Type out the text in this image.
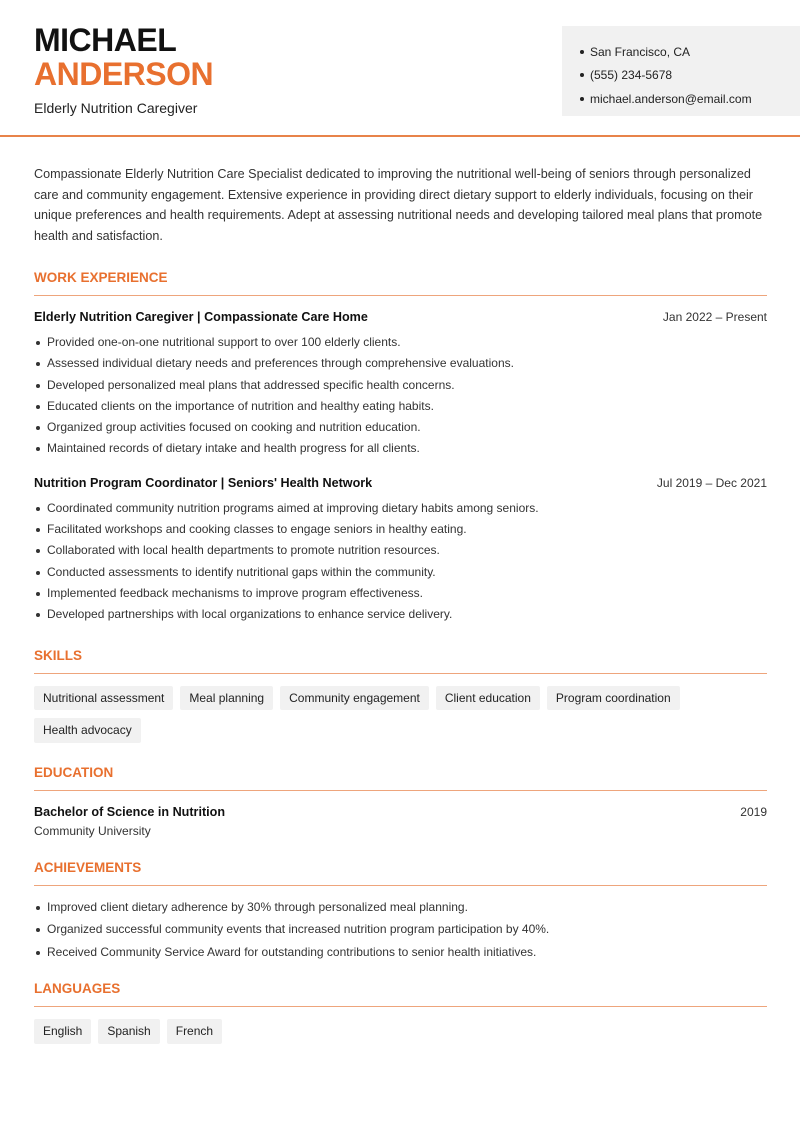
MICHAEL
ANDERSON
Elderly Nutrition Caregiver
San Francisco, CA
(555) 234-5678
michael.anderson@email.com

Compassionate Elderly Nutrition Care Specialist dedicated to improving the nutritional well-being of seniors through personalized care and community engagement. Extensive experience in providing direct dietary support to elderly individuals, focusing on their unique preferences and health requirements. Adept at assessing nutritional needs and developing tailored meal plans that promote health and satisfaction.

WORK EXPERIENCE
Elderly Nutrition Caregiver | Compassionate Care Home	Jan 2022 – Present
Provided one-on-one nutritional support to over 100 elderly clients.
Assessed individual dietary needs and preferences through comprehensive evaluations.
Developed personalized meal plans that addressed specific health concerns.
Educated clients on the importance of nutrition and healthy eating habits.
Organized group activities focused on cooking and nutrition education.
Maintained records of dietary intake and health progress for all clients.
Nutrition Program Coordinator | Seniors' Health Network	Jul 2019 – Dec 2021
Coordinated community nutrition programs aimed at improving dietary habits among seniors.
Facilitated workshops and cooking classes to engage seniors in healthy eating.
Collaborated with local health departments to promote nutrition resources.
Conducted assessments to identify nutritional gaps within the community.
Implemented feedback mechanisms to improve program effectiveness.
Developed partnerships with local organizations to enhance service delivery.
SKILLS
Nutritional assessment	Meal planning	Community engagement	Client education	Program coordination
Health advocacy
EDUCATION
Bachelor of Science in Nutrition	2019
Community University
ACHIEVEMENTS
Improved client dietary adherence by 30% through personalized meal planning.
Organized successful community events that increased nutrition program participation by 40%.
Received Community Service Award for outstanding contributions to senior health initiatives.
LANGUAGES
English	Spanish	French
